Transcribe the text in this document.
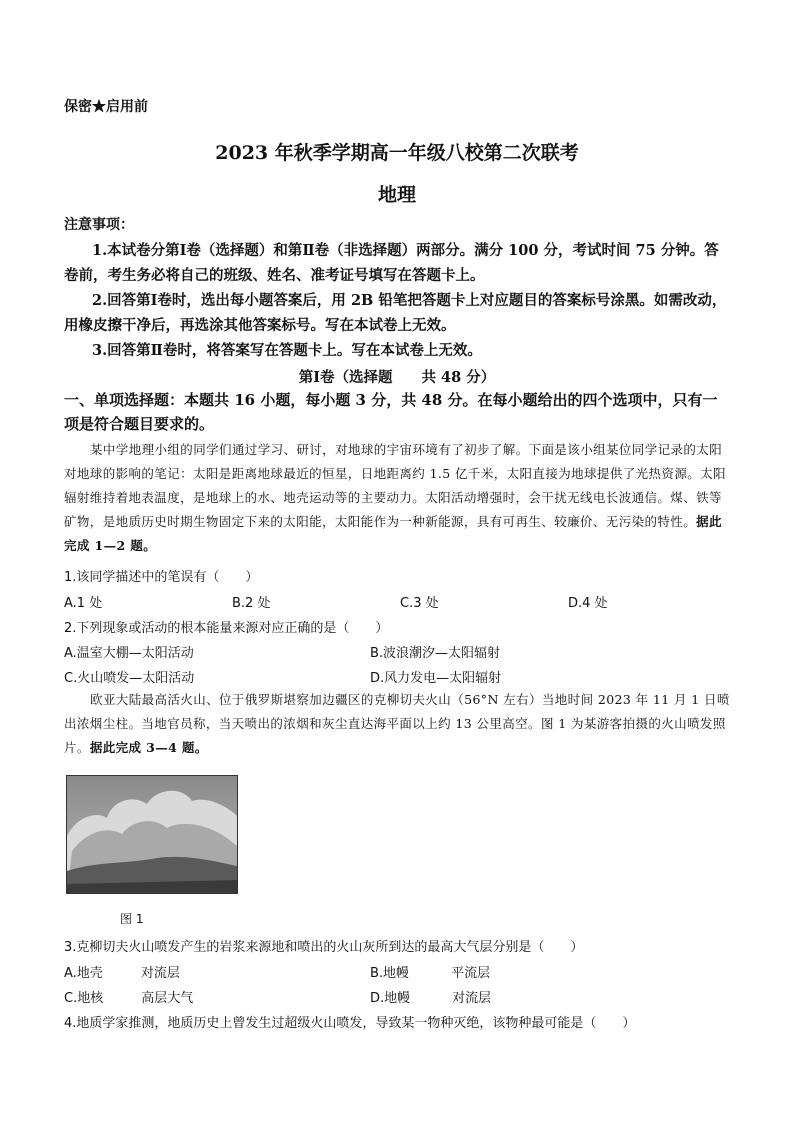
保密★启用前
2023 年秋季学期高一年级八校第二次联考
地理
注意事项：
1.本试卷分第Ⅰ卷（选择题）和第Ⅱ卷（非选择题）两部分。满分 100 分，考试时间 75 分钟。答卷前，考生务必将自己的班级、姓名、准考证号填写在答题卡上。
2.回答第Ⅰ卷时，选出每小题答案后，用 2B 铅笔把答题卡上对应题目的答案标号涂黑。如需改动，用橡皮擦干净后，再选涂其他答案标号。写在本试卷上无效。
3.回答第Ⅱ卷时，将答案写在答题卡上。写在本试卷上无效。
第Ⅰ卷（选择题　　共 48 分）
一、单项选择题：本题共 16 小题，每小题 3 分，共 48 分。在每小题给出的四个选项中，只有一项是符合题目要求的。
某中学地理小组的同学们通过学习、研讨，对地球的宇宙环境有了初步了解。下面是该小组某位同学记录的太阳对地球的影响的笔记：太阳是距离地球最近的恒星，日地距离约 1.5 亿千米，太阳直接为地球提供了光热资源。太阳辐射维持着地表温度，是地球上的水、地壳运动等的主要动力。太阳活动增强时，会干扰无线电长波通信。煤、铁等矿物，是地质历史时期生物固定下来的太阳能，太阳能作为一种新能源，具有可再生、较廉价、无污染的特性。据此完成 1—2 题。
1.该同学描述中的笔误有（　　）
A.1 处	B.2 处	C.3 处	D.4 处
2.下列现象或活动的根本能量来源对应正确的是（　　）
A.温室大棚—太阳活动	B.波浪潮汐—太阳辐射
C.火山喷发—太阳活动	D.风力发电—太阳辐射
欧亚大陆最高活火山、位于俄罗斯堪察加边疆区的克柳切夫火山（56°N 左右）当地时间 2023 年 11 月 1 日喷出浓烟尘柱。当地官员称，当天喷出的浓烟和灰尘直达海平面以上约 13 公里高空。图 1 为某游客拍摄的火山喷发照片。据此完成 3—4 题。
图 1
3.克柳切夫火山喷发产生的岩浆来源地和喷出的火山灰所到达的最高大气层分别是（　　）
A.地壳	对流层	B.地幔	平流层
C.地核	高层大气	D.地幔	对流层
4.地质学家推测，地质历史上曾发生过超级火山喷发，导致某一物种灭绝，该物种最可能是（　　）
